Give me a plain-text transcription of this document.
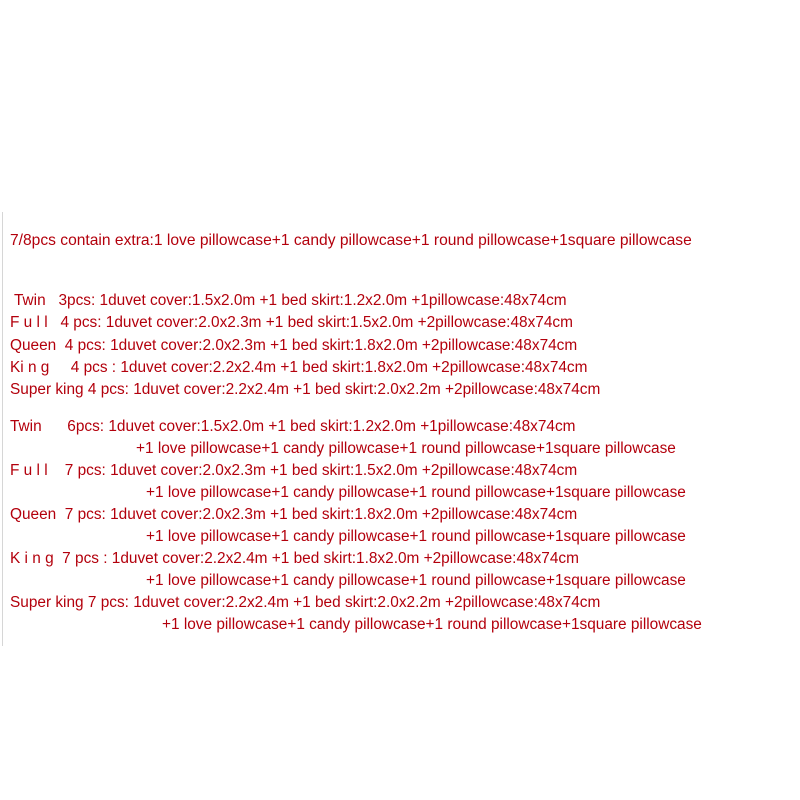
7/8pcs contain extra:1 love pillowcase+1 candy pillowcase+1 round pillowcase+1square pillowcase
Twin   3pcs: 1duvet cover:1.5x2.0m +1 bed skirt:1.2x2.0m +1pillowcase:48x74cm
F u l l   4 pcs: 1duvet cover:2.0x2.3m +1 bed skirt:1.5x2.0m +2pillowcase:48x74cm
Queen  4 pcs: 1duvet cover:2.0x2.3m +1 bed skirt:1.8x2.0m +2pillowcase:48x74cm
Ki n g     4 pcs : 1duvet cover:2.2x2.4m +1 bed skirt:1.8x2.0m +2pillowcase:48x74cm
Super king 4 pcs: 1duvet cover:2.2x2.4m +1 bed skirt:2.0x2.2m +2pillowcase:48x74cm
Twin      6pcs: 1duvet cover:1.5x2.0m +1 bed skirt:1.2x2.0m +1pillowcase:48x74cm
+1 love pillowcase+1 candy pillowcase+1 round pillowcase+1square pillowcase
F u l l    7 pcs: 1duvet cover:2.0x2.3m +1 bed skirt:1.5x2.0m +2pillowcase:48x74cm
+1 love pillowcase+1 candy pillowcase+1 round pillowcase+1square pillowcase
Queen  7 pcs: 1duvet cover:2.0x2.3m +1 bed skirt:1.8x2.0m +2pillowcase:48x74cm
+1 love pillowcase+1 candy pillowcase+1 round pillowcase+1square pillowcase
K i n g  7 pcs : 1duvet cover:2.2x2.4m +1 bed skirt:1.8x2.0m +2pillowcase:48x74cm
+1 love pillowcase+1 candy pillowcase+1 round pillowcase+1square pillowcase
Super king 7 pcs: 1duvet cover:2.2x2.4m +1 bed skirt:2.0x2.2m +2pillowcase:48x74cm
+1 love pillowcase+1 candy pillowcase+1 round pillowcase+1square pillowcase
